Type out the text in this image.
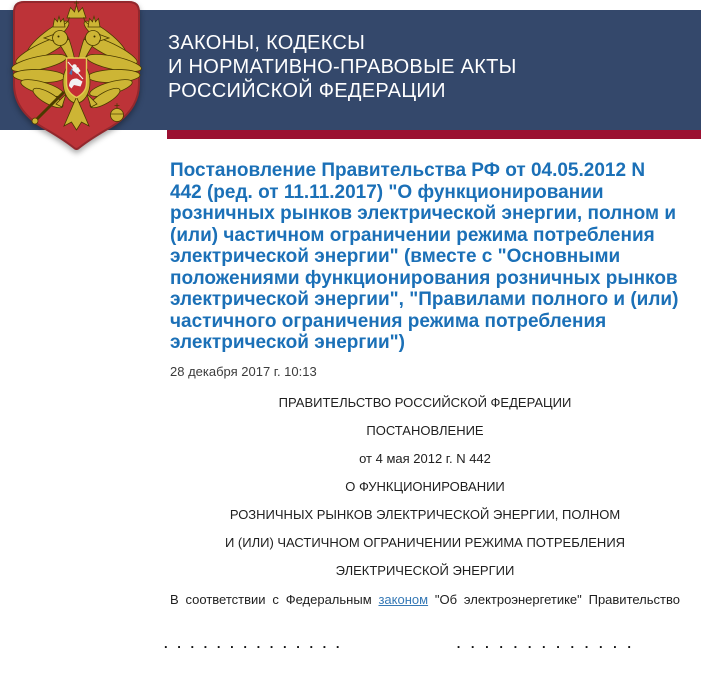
ЗАКОНЫ, КОДЕКСЫ
И НОРМАТИВНО-ПРАВОВЫЕ АКТЫ
РОССИЙСКОЙ ФЕДЕРАЦИИ
Постановление Правительства РФ от 04.05.2012 N 442 (ред. от 11.11.2017) "О функционировании розничных рынков электрической энергии, полном и (или) частичном ограничении режима потребления электрической энергии" (вместе с "Основными положениями функционирования розничных рынков электрической энергии", "Правилами полного и (или) частичного ограничения режима потребления электрической энергии")

28 декабря 2017 г. 10:13

ПРАВИТЕЛЬСТВО РОССИЙСКОЙ ФЕДЕРАЦИИ

ПОСТАНОВЛЕНИЕ

от 4 мая 2012 г. N 442

О ФУНКЦИОНИРОВАНИИ

РОЗНИЧНЫХ РЫНКОВ ЭЛЕКТРИЧЕСКОЙ ЭНЕРГИИ, ПОЛНОМ

И (ИЛИ) ЧАСТИЧНОМ ОГРАНИЧЕНИИ РЕЖИМА ПОТРЕБЛЕНИЯ

ЭЛЕКТРИЧЕСКОЙ ЭНЕРГИИ

В соответствии с Федеральным законом "Об электроэнергетике" Правительство

. . . . . . . . . . . . . .	. . . . . . . . . . . . .
